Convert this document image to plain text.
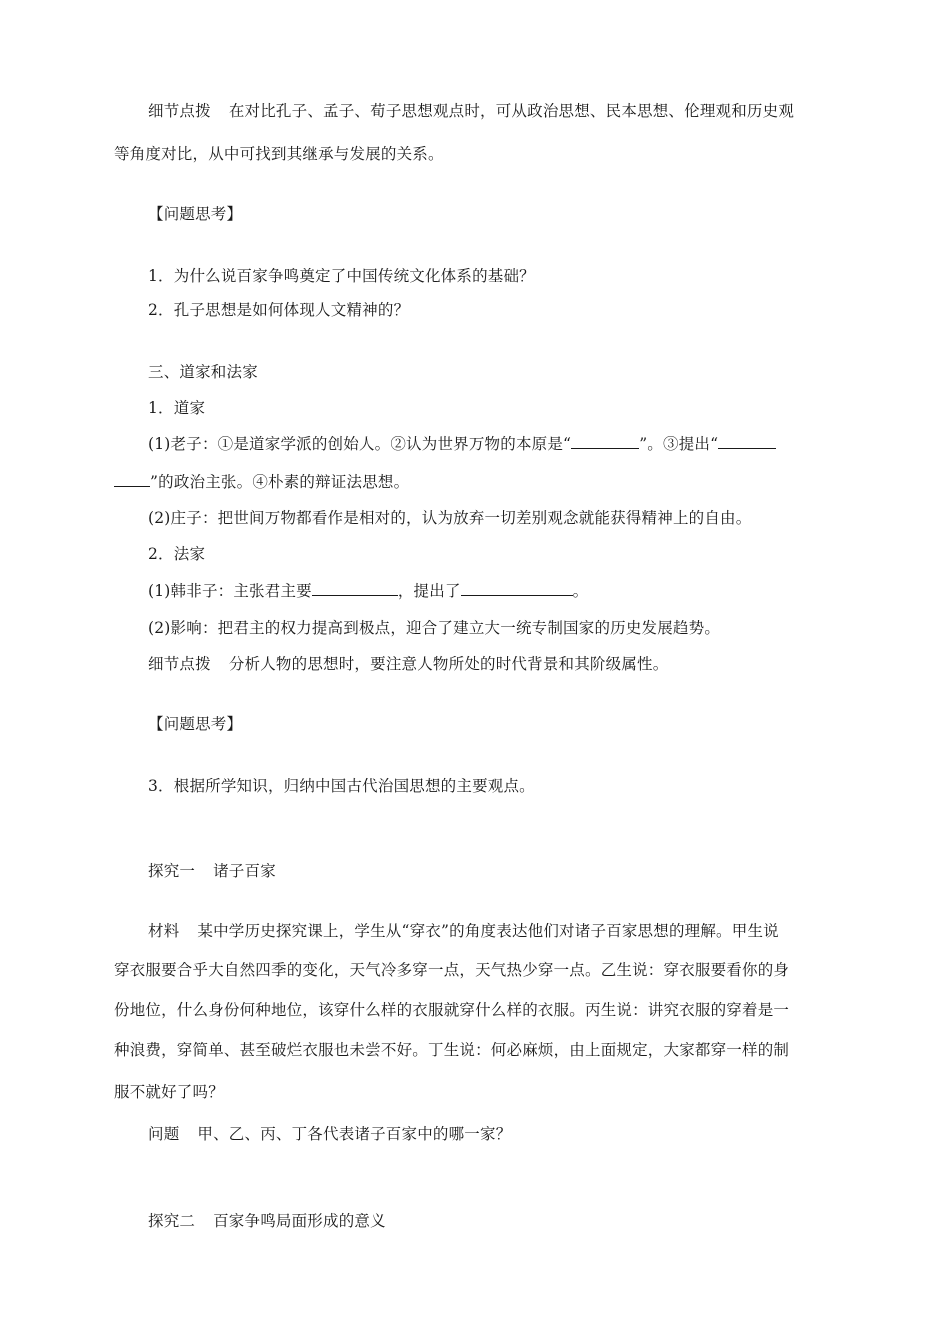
细节点拨 在对比孔子、孟子、荀子思想观点时，可从政治思想、民本思想、伦理观和历史观
等角度对比，从中可找到其继承与发展的关系。
【问题思考】
1．为什么说百家争鸣奠定了中国传统文化体系的基础？
2．孔子思想是如何体现人文精神的？
三、道家和法家
1．道家
(1)老子：①是道家学派的创始人。②认为世界万物的本原是“	”。③提出“
”的政治主张。④朴素的辩证法思想。
(2)庄子：把世间万物都看作是相对的，认为放弃一切差别观念就能获得精神上的自由。
2．法家
(1)韩非子：主张君主要	，提出了	。
(2)影响：把君主的权力提高到极点，迎合了建立大一统专制国家的历史发展趋势。
细节点拨 分析人物的思想时，要注意人物所处的时代背景和其阶级属性。
【问题思考】
3．根据所学知识，归纳中国古代治国思想的主要观点。
探究一 诸子百家
材料 某中学历史探究课上，学生从“穿衣”的角度表达他们对诸子百家思想的理解。甲生说
穿衣服要合乎大自然四季的变化，天气冷多穿一点，天气热少穿一点。乙生说：穿衣服要看你的身
份地位，什么身份何种地位，该穿什么样的衣服就穿什么样的衣服。丙生说：讲究衣服的穿着是一
种浪费，穿简单、甚至破烂衣服也未尝不好。丁生说：何必麻烦，由上面规定，大家都穿一样的制
服不就好了吗？
问题 甲、乙、丙、丁各代表诸子百家中的哪一家？
探究二 百家争鸣局面形成的意义
